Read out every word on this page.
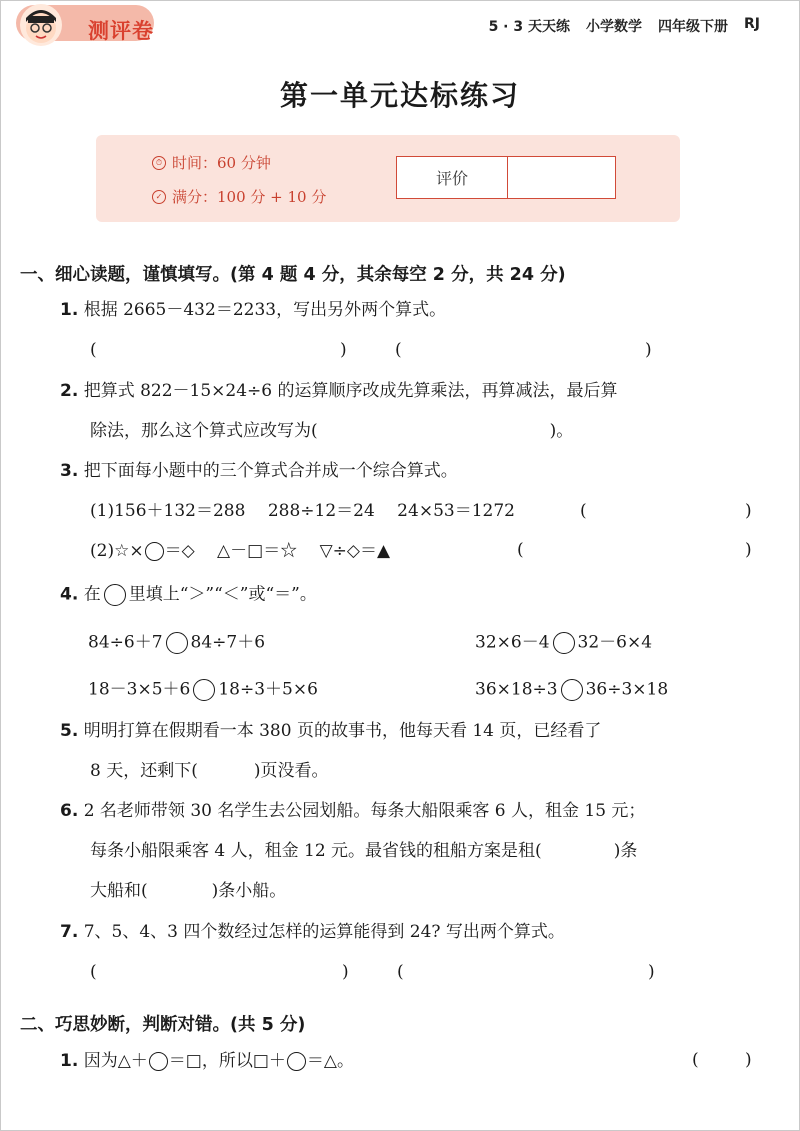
测评卷	5 · 3 天天练 小学数学 四年级下册 RJ
第一单元达标练习
⏱ 时间：60 分钟
✓ 满分：100 分 + 10 分
评价
一、细心读题，谨慎填写。(第 4 题 4 分，其余每空 2 分，共 24 分)
1. 根据 2665－432＝2233，写出另外两个算式。
(	)	(	)
2. 把算式 822－15×24÷6 的运算顺序改成先算乘法，再算减法，最后算
除法，那么这个算式应改写为(	)。
3. 把下面每小题中的三个算式合并成一个综合算式。
(1)156＋132＝288　 288÷12＝24　 24×53＝1272	(	)
(2)☆× ＝◇　 △－□＝☆　 ▽÷◇＝▲	(	)
4. 在 里填上“＞”“＜”或“＝”。
84÷6＋7 84÷7＋6	32×6－4 32－6×4
18－3×5＋6 18÷3＋5×6	36×18÷3 36÷3×18
5. 明明打算在假期看一本 380 页的故事书，他每天看 14 页，已经看了
8 天，还剩下(	)页没看。
6. 2 名老师带领 30 名学生去公园划船。每条大船限乘客 6 人，租金 15 元；
每条小船限乘客 4 人，租金 12 元。最省钱的租船方案是租(	)条
大船和(	)条小船。
7. 7、5、4、3 四个数经过怎样的运算能得到 24? 写出两个算式。
(	)	(	)
二、巧思妙断，判断对错。(共 5 分)
1. 因为△＋ ＝□，所以□＋ ＝△。	(	)
